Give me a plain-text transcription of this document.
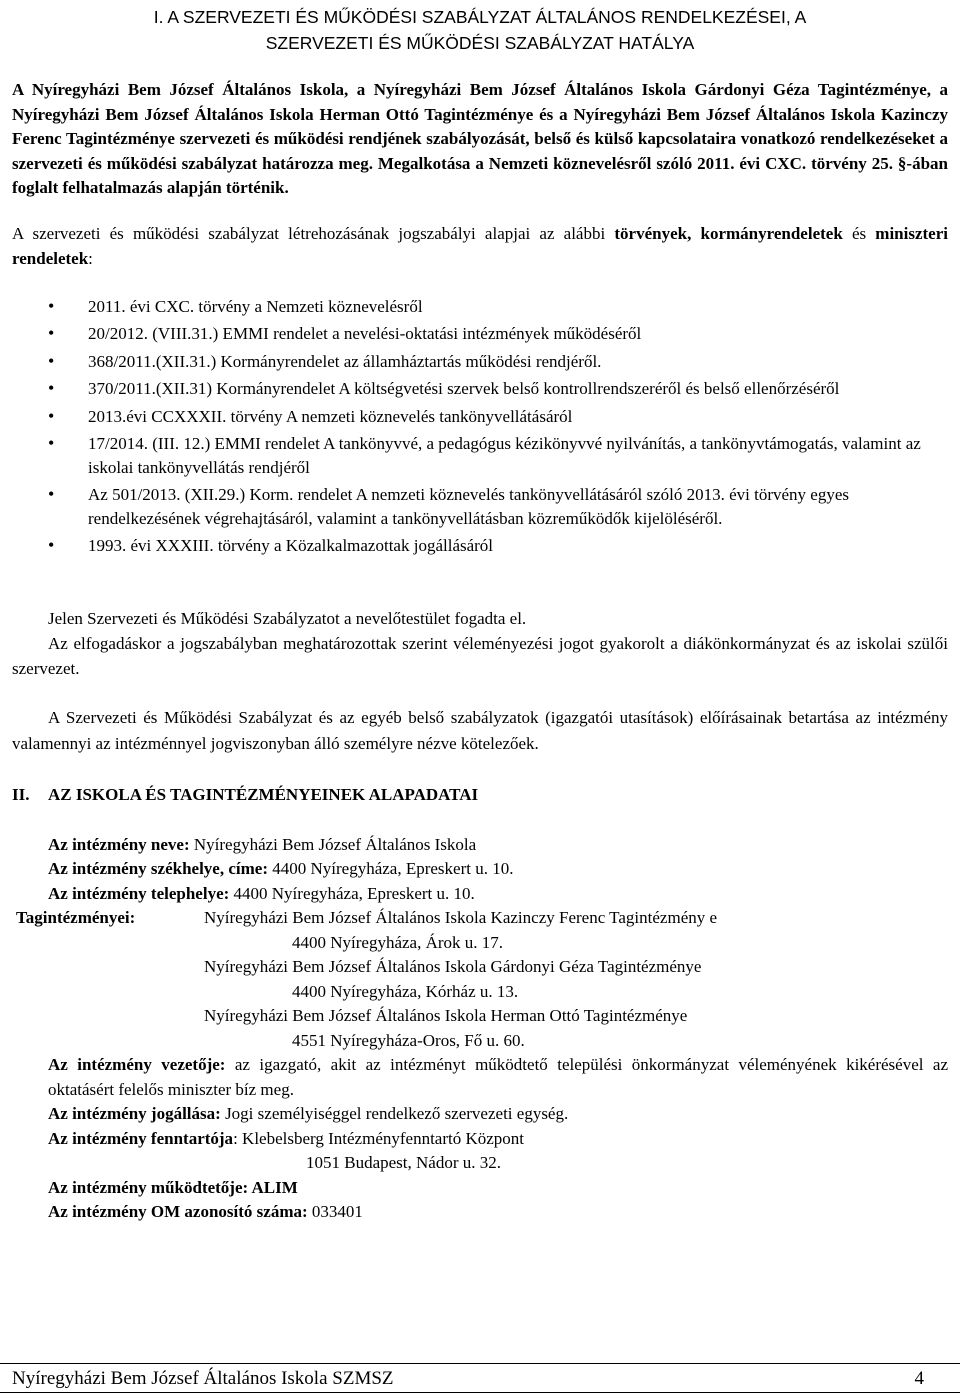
I. A SZERVEZETI ÉS MŰKÖDÉSI SZABÁLYZAT ÁLTALÁNOS RENDELKEZÉSEI, A
SZERVEZETI ÉS MŰKÖDÉSI SZABÁLYZAT HATÁLYA
A Nyíregyházi Bem József Általános Iskola, a Nyíregyházi Bem József Általános Iskola Gárdonyi Géza Tagintézménye, a Nyíregyházi Bem József Általános Iskola Herman Ottó Tagintézménye és a Nyíregyházi Bem József Általános Iskola Kazinczy Ferenc Tagintézménye szervezeti és működési rendjének szabályozását, belső és külső kapcsolataira vonatkozó rendelkezéseket a szervezeti és működési szabályzat határozza meg. Megalkotása a Nemzeti köznevelésről szóló 2011. évi CXC. törvény 25. §-ában foglalt felhatalmazás alapján történik.
A szervezeti és működési szabályzat létrehozásának jogszabályi alapjai az alábbi törvények, kormányrendeletek és miniszteri rendeletek:
• 2011. évi CXC. törvény a Nemzeti köznevelésről
• 20/2012. (VIII.31.) EMMI rendelet a nevelési-oktatási intézmények működéséről
• 368/2011.(XII.31.) Kormányrendelet az államháztartás működési rendjéről.
• 370/2011.(XII.31) Kormányrendelet A költségvetési szervek belső kontrollrendszeréről és belső ellenőrzéséről
• 2013.évi CCXXXII. törvény A nemzeti köznevelés tankönyvellátásáról
• 17/2014. (III. 12.) EMMI rendelet A tankönyvvé, a pedagógus kézikönyvvé nyilvánítás, a tankönyvtámogatás, valamint az iskolai tankönyvellátás rendjéről
• Az 501/2013. (XII.29.) Korm. rendelet A nemzeti köznevelés tankönyvellátásáról szóló 2013. évi törvény egyes rendelkezésének végrehajtásáról, valamint a tankönyvellátásban közreműködők kijelöléséről.
• 1993. évi XXXIII. törvény a Közalkalmazottak jogállásáról

Jelen Szervezeti és Működési Szabályzatot a nevelőtestület fogadta el.

Az elfogadáskor a jogszabályban meghatározottak szerint véleményezési jogot gyakorolt a diákönkormányzat és az iskolai szülői szervezet.

A Szervezeti és Működési Szabályzat és az egyéb belső szabályzatok (igazgatói utasítások) előírásainak betartása az intézmény valamennyi az intézménnyel jogviszonyban álló személyre nézve kötelezőek.
II. AZ ISKOLA ÉS TAGINTÉZMÉNYEINEK ALAPADATAI
Az intézmény neve: Nyíregyházi Bem József Általános Iskola
Az intézmény székhelye, címe: 4400 Nyíregyháza, Epreskert u. 10.
Az intézmény telephelye: 4400 Nyíregyháza, Epreskert u. 10.
Tagintézményei:	Nyíregyházi Bem József Általános Iskola Kazinczy Ferenc Tagintézmény e
4400 Nyíregyháza, Árok u. 17.
Nyíregyházi Bem József Általános Iskola Gárdonyi Géza Tagintézménye
4400 Nyíregyháza, Kórház u. 13.
Nyíregyházi Bem József Általános Iskola Herman Ottó Tagintézménye
4551 Nyíregyháza-Oros, Fő u. 60.
Az intézmény vezetője: az igazgató, akit az intézményt működtető települési önkormányzat véleményének kikérésével az oktatásért felelős miniszter bíz meg.
Az intézmény jogállása: Jogi személyiséggel rendelkező szervezeti egység.
Az intézmény fenntartója: Klebelsberg Intézményfenntartó Központ
1051 Budapest, Nádor u. 32.
Az intézmény működtetője: ALIM
Az intézmény OM azonosító száma: 033401
Nyíregyházi Bem József Általános Iskola SZMSZ	4
